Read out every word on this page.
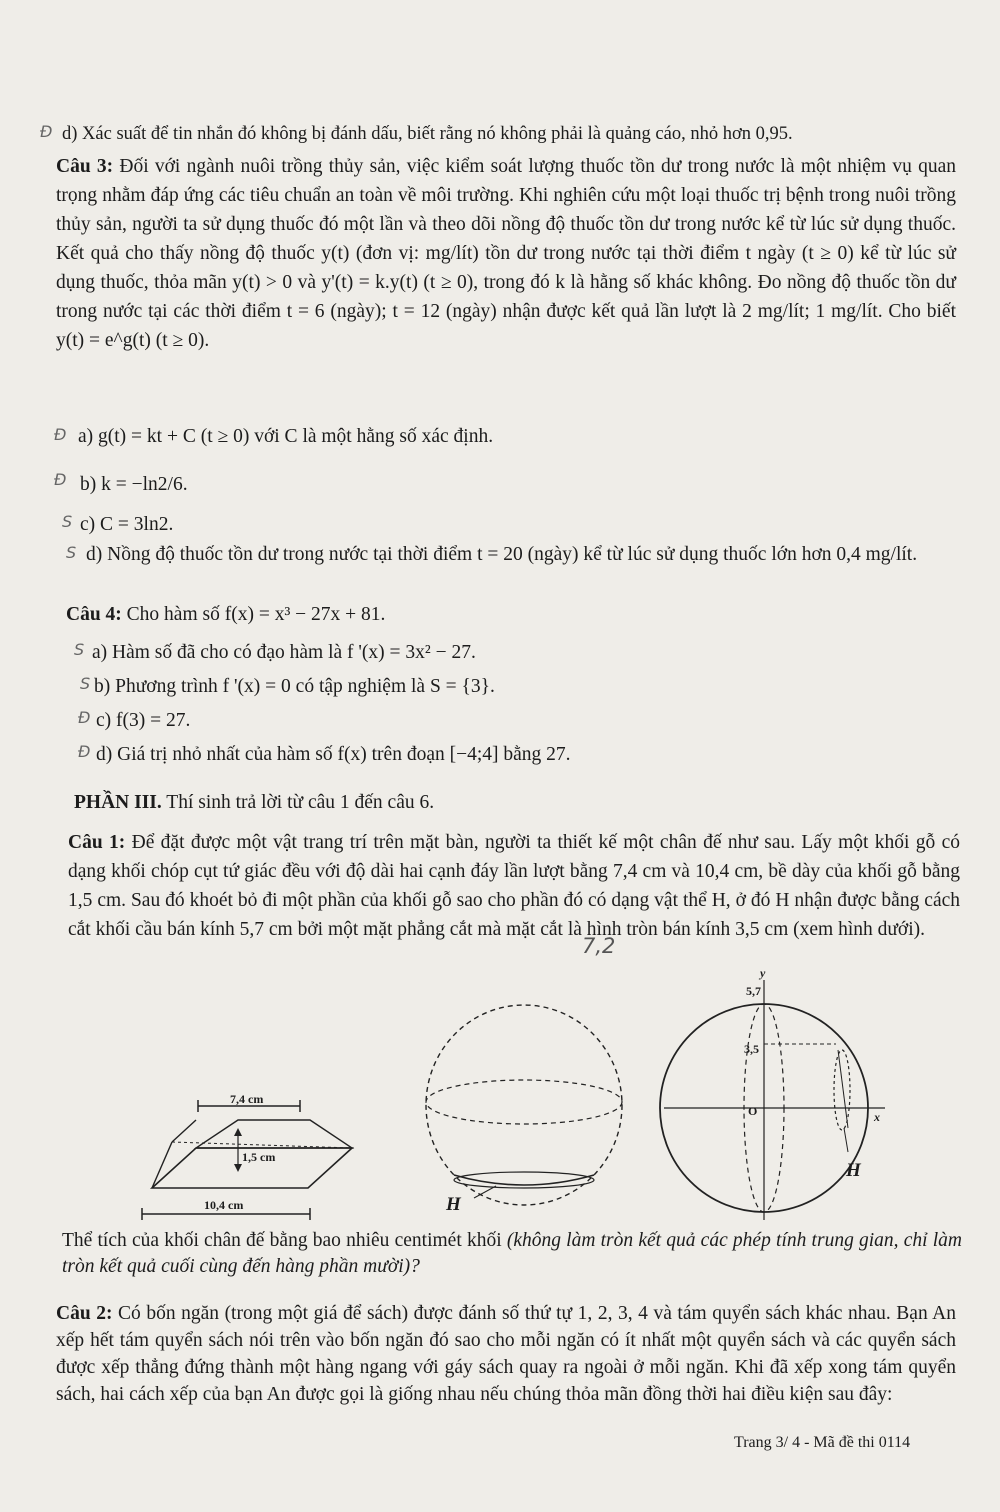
Đ d) Xác suất để tin nhắn đó không bị đánh dấu, biết rằng nó không phải là quảng cáo, nhỏ hơn 0,95.
Câu 3: Đối với ngành nuôi trồng thủy sản, việc kiểm soát lượng thuốc tồn dư trong nước là một nhiệm vụ quan trọng nhằm đáp ứng các tiêu chuẩn an toàn về môi trường. Khi nghiên cứu một loại thuốc trị bệnh trong nuôi trồng thủy sản, người ta sử dụng thuốc đó một lần và theo dõi nồng độ thuốc tồn dư trong nước kể từ lúc sử dụng thuốc. Kết quả cho thấy nồng độ thuốc y(t) (đơn vị: mg/lít) tồn dư trong nước tại thời điểm t ngày (t ≥ 0) kể từ lúc sử dụng thuốc, thỏa mãn y(t) > 0 và y'(t) = k.y(t) (t ≥ 0), trong đó k là hằng số khác không. Đo nồng độ thuốc tồn dư trong nước tại các thời điểm t = 6 (ngày); t = 12 (ngày) nhận được kết quả lần lượt là 2 mg/lít; 1 mg/lít. Cho biết y(t) = e^g(t) (t ≥ 0).
Đ a) g(t) = kt + C (t ≥ 0) với C là một hằng số xác định.
Đ b) k = −ln2/6.
S c) C = 3ln2.
S d) Nồng độ thuốc tồn dư trong nước tại thời điểm t = 20 (ngày) kể từ lúc sử dụng thuốc lớn hơn 0,4 mg/lít.
Câu 4: Cho hàm số f(x) = x³ − 27x + 81.
S a) Hàm số đã cho có đạo hàm là f '(x) = 3x² − 27.
S b) Phương trình f '(x) = 0 có tập nghiệm là S = {3}.
Đ c) f(3) = 27.
Đ d) Giá trị nhỏ nhất của hàm số f(x) trên đoạn [−4;4] bằng 27.
PHẦN III. Thí sinh trả lời từ câu 1 đến câu 6.
Câu 1: Để đặt được một vật trang trí trên mặt bàn, người ta thiết kế một chân đế như sau. Lấy một khối gỗ có dạng khối chóp cụt tứ giác đều với độ dài hai cạnh đáy lần lượt bằng 7,4 cm và 10,4 cm, bề dày của khối gỗ bằng 1,5 cm. Sau đó khoét bỏ đi một phần của khối gỗ sao cho phần đó có dạng vật thể H, ở đó H nhận được bằng cách cắt khối cầu bán kính 5,7 cm bởi một mặt phẳng cắt mà mặt cắt là hình tròn bán kính 3,5 cm (xem hình dưới).
7,2
7,4 cm
1,5 cm
10,4 cm	H
y
5,7
3,5
O	x
H
Thể tích của khối chân đế bằng bao nhiêu centimét khối (không làm tròn kết quả các phép tính trung gian, chỉ làm tròn kết quả cuối cùng đến hàng phần mười)?
Câu 2: Có bốn ngăn (trong một giá để sách) được đánh số thứ tự 1, 2, 3, 4 và tám quyển sách khác nhau. Bạn An xếp hết tám quyển sách nói trên vào bốn ngăn đó sao cho mỗi ngăn có ít nhất một quyển sách và các quyển sách được xếp thẳng đứng thành một hàng ngang với gáy sách quay ra ngoài ở mỗi ngăn. Khi đã xếp xong tám quyển sách, hai cách xếp của bạn An được gọi là giống nhau nếu chúng thỏa mãn đồng thời hai điều kiện sau đây:
Trang 3/ 4 - Mã đề thi 0114
